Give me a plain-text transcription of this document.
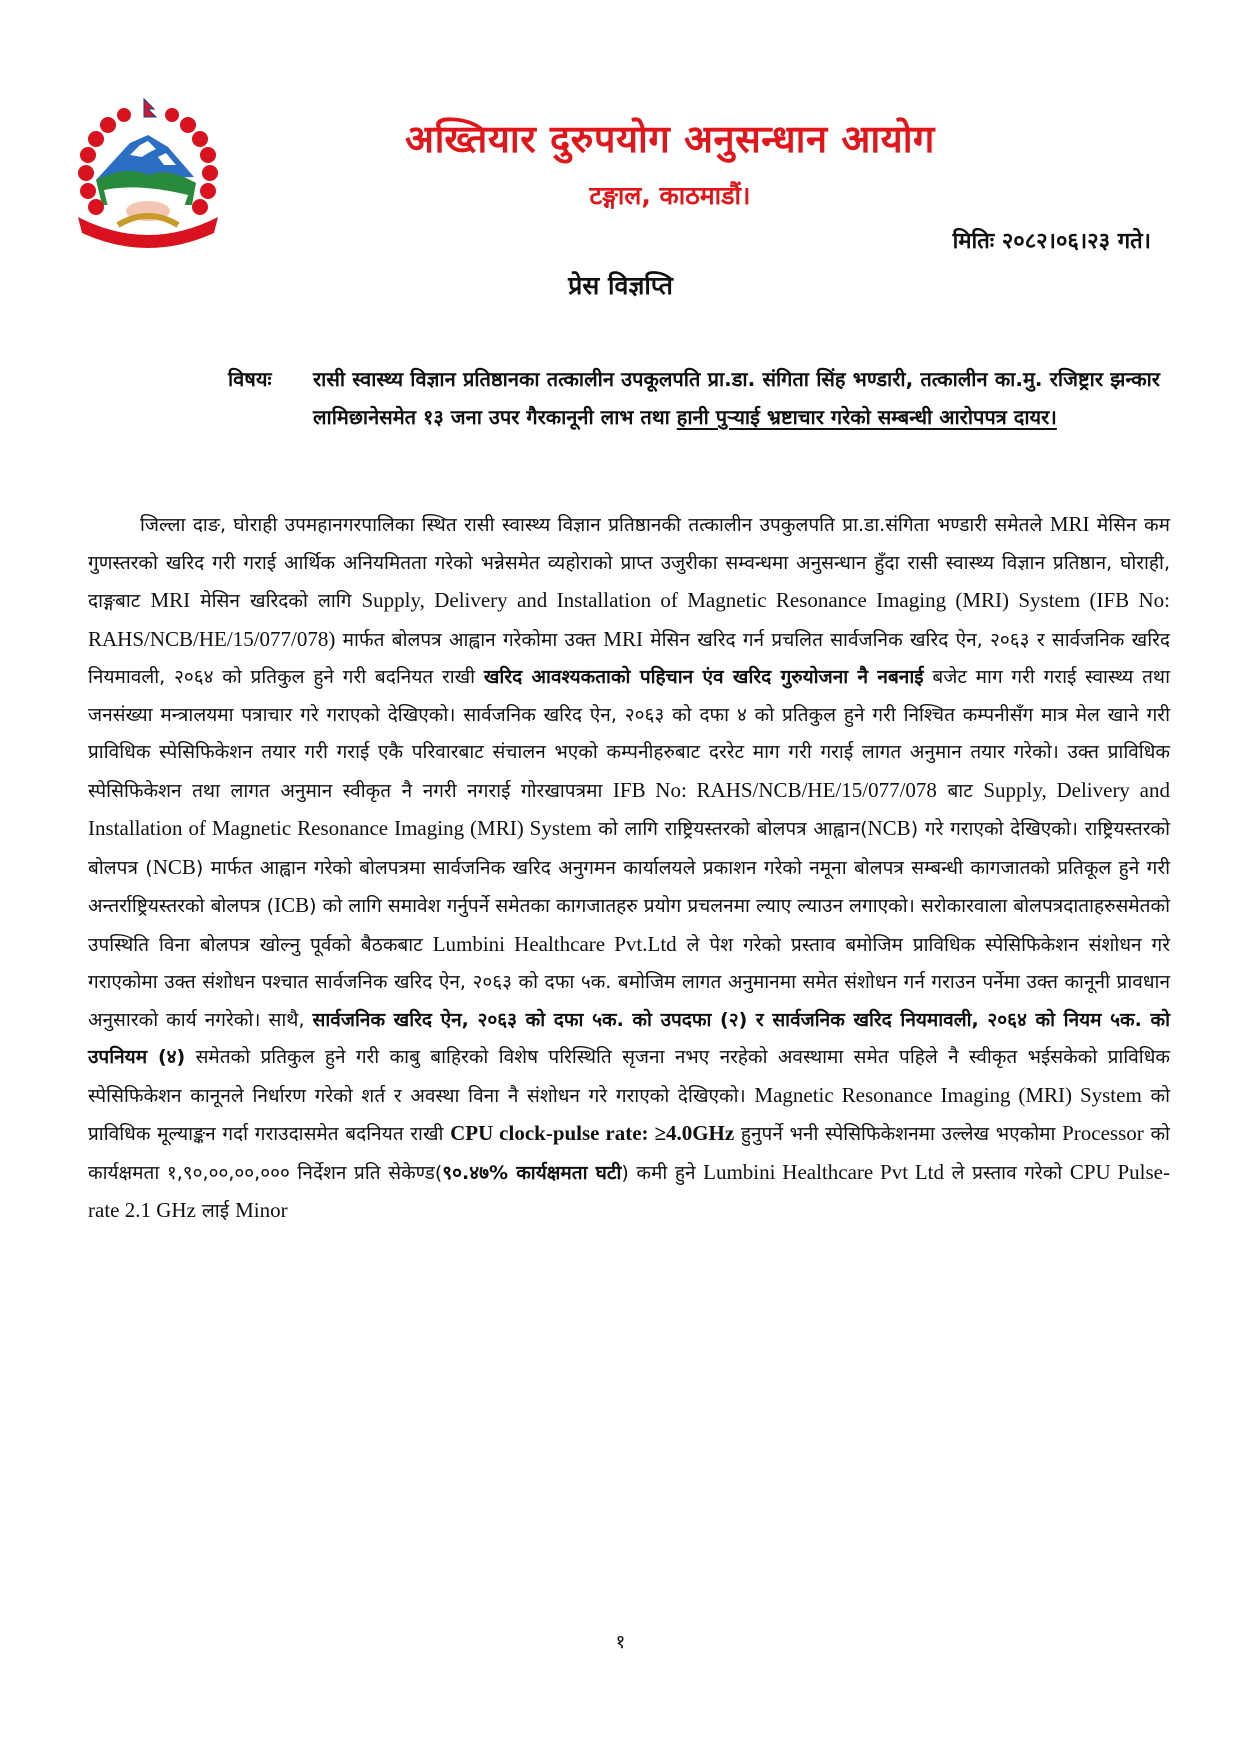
अख्तियार दुरुपयोग अनुसन्धान आयोग
टङ्गाल, काठमाडौं।
मितिः २०८२।०६।२३ गते।
प्रेस विज्ञप्ति
विषयः रासी स्वास्थ्य विज्ञान प्रतिष्ठानका तत्कालीन उपकूलपति प्रा.डा. संगिता सिंह भण्डारी, तत्कालीन का.मु. रजिष्ट्रार झन्कार लामिछानेसमेत १३ जना उपर गैरकानूनी लाभ तथा हानी पुऱ्याई भ्रष्टाचार गरेको सम्बन्धी आरोपपत्र दायर।
जिल्ला दाङ, घोराही उपमहानगरपालिका स्थित रासी स्वास्थ्य विज्ञान प्रतिष्ठानकी तत्कालीन उपकुलपति प्रा.डा.संगिता भण्डारी समेतले MRI मेसिन कम गुणस्तरको खरिद गरी गराई आर्थिक अनियमितता गरेको भन्नेसमेत व्यहोराको प्राप्त उजुरीका सम्वन्धमा अनुसन्धान हुँदा रासी स्वास्थ्य विज्ञान प्रतिष्ठान, घोराही, दाङ्गबाट MRI मेसिन खरिदको लागि Supply, Delivery and Installation of Magnetic Resonance Imaging (MRI) System (IFB No: RAHS/NCB/HE/15/077/078) मार्फत बोलपत्र आह्वान गरेकोमा उक्त MRI मेसिन खरिद गर्न प्रचलित सार्वजनिक खरिद ऐन, २०६३ र सार्वजनिक खरिद नियमावली, २०६४ को प्रतिकुल हुने गरी बदनियत राखी खरिद आवश्यकताको पहिचान एंव खरिद गुरुयोजना नै नबनाई बजेट माग गरी गराई स्वास्थ्य तथा जनसंख्या मन्त्रालयमा पत्राचार गरे गराएको देखिएको। सार्वजनिक खरिद ऐन, २०६३ को दफा ४ को प्रतिकुल हुने गरी निश्चित कम्पनीसँग मात्र मेल खाने गरी प्राविधिक स्पेसिफिकेशन तयार गरी गराई एकै परिवारबाट संचालन भएको कम्पनीहरुबाट दररेट माग गरी गराई लागत अनुमान तयार गरेको। उक्त प्राविधिक स्पेसिफिकेशन तथा लागत अनुमान स्वीकृत नै नगरी नगराई गोरखापत्रमा IFB No: RAHS/NCB/HE/15/077/078 बाट Supply, Delivery and Installation of Magnetic Resonance Imaging (MRI) System को लागि राष्ट्रियस्तरको बोलपत्र आह्वान(NCB) गरे गराएको देखिएको। राष्ट्रियस्तरको बोलपत्र (NCB) मार्फत आह्वान गरेको बोलपत्रमा सार्वजनिक खरिद अनुगमन कार्यालयले प्रकाशन गरेको नमूना बोलपत्र सम्बन्धी कागजातको प्रतिकूल हुने गरी अन्तर्राष्ट्रियस्तरको बोलपत्र (ICB) को लागि समावेश गर्नुपर्ने समेतका कागजातहरु प्रयोग प्रचलनमा ल्याए ल्याउन लगाएको। सरोकारवाला बोलपत्रदाताहरुसमेतको उपस्थिति विना बोलपत्र खोल्नु पूर्वको बैठकबाट Lumbini Healthcare Pvt.Ltd ले पेश गरेको प्रस्ताव बमोजिम प्राविधिक स्पेसिफिकेशन संशोधन गरे गराएकोमा उक्त संशोधन पश्चात सार्वजनिक खरिद ऐन, २०६३ को दफा ५क. बमोजिम लागत अनुमानमा समेत संशोधन गर्न गराउन पर्नेमा उक्त कानूनी प्रावधान अनुसारको कार्य नगरेको। साथै, सार्वजनिक खरिद ऐन, २०६३ को दफा ५क. को उपदफा (२) र सार्वजनिक खरिद नियमावली, २०६४ को नियम ५क. को उपनियम (४) समेतको प्रतिकुल हुने गरी काबु बाहिरको विशेष परिस्थिति सृजना नभए नरहेको अवस्थामा समेत पहिले नै स्वीकृत भईसकेको प्राविधिक स्पेसिफिकेशन कानूनले निर्धारण गरेको शर्त र अवस्था विना नै संशोधन गरे गराएको देखिएको। Magnetic Resonance Imaging (MRI) System को प्राविधिक मूल्याङ्कन गर्दा गराउदासमेत बदनियत राखी CPU clock-pulse rate: ≥4.0GHz हुनुपर्ने भनी स्पेसिफिकेशनमा उल्लेख भएकोमा Processor को कार्यक्षमता १,९०,००,००,००० निर्देशन प्रति सेकेण्ड(९०.४७% कार्यक्षमता घटी) कमी हुने Lumbini Healthcare Pvt Ltd ले प्रस्ताव गरेको CPU Pulse-rate 2.1 GHz लाई Minor
१
